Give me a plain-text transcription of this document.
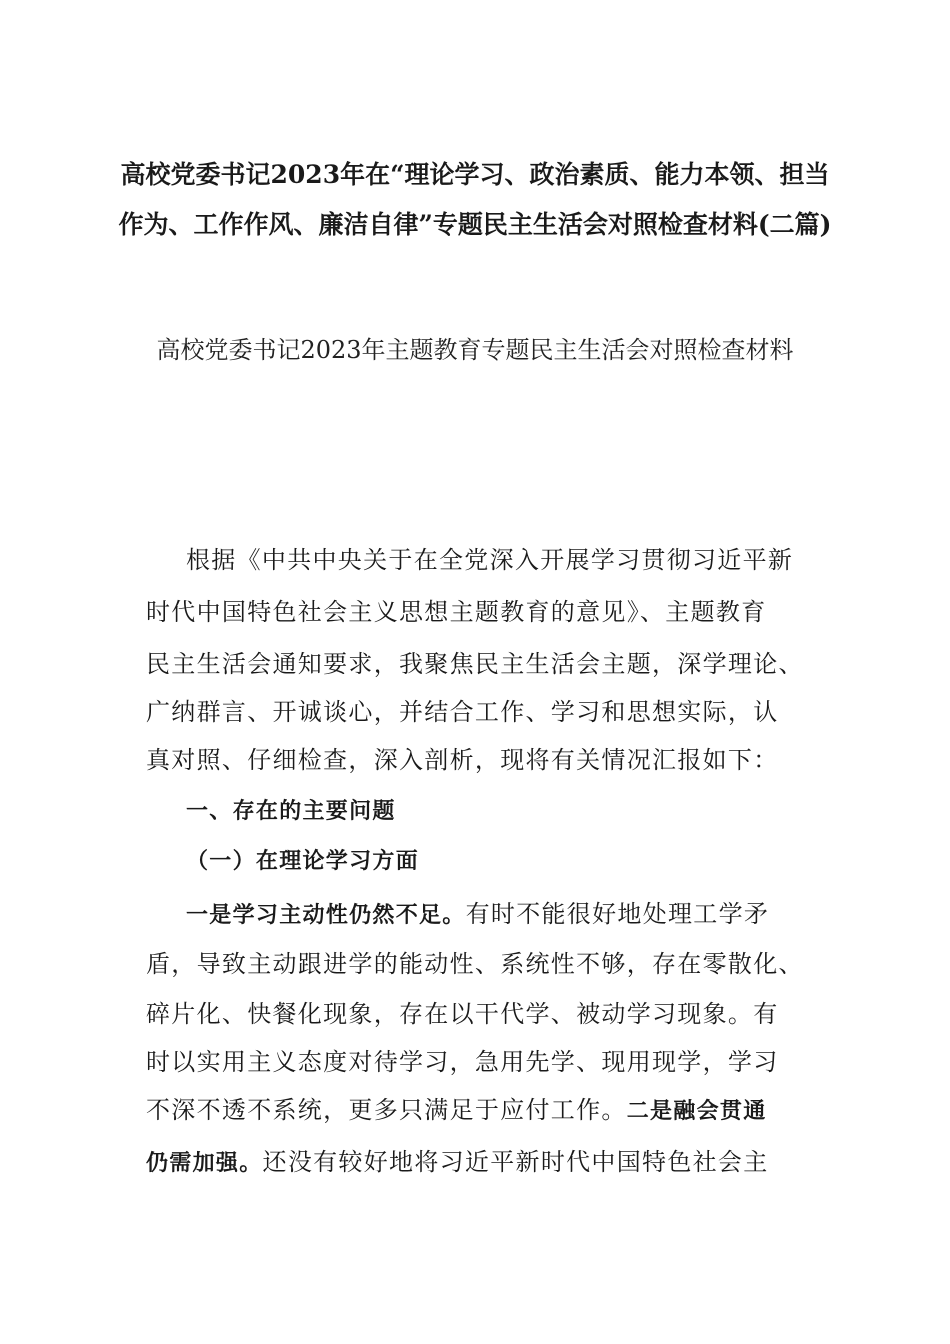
高校党委书记2023年在“理论学习、政治素质、能力本领、担当作为、工作作风、廉洁自律”专题民主生活会对照检查材料(二篇)

高校党委书记2023年主题教育专题民主生活会对照检查材料

根据《中共中央关于在全党深入开展学习贯彻习近平新

时代中国特色社会主义思想主题教育的意见》、主题教育

民主生活会通知要求，我聚焦民主生活会主题，深学理论、

广纳群言、开诚谈心，并结合工作、学习和思想实际，认

真对照、仔细检查，深入剖析，现将有关情况汇报如下：

一、存在的主要问题

（一）在理论学习方面

一是学习主动性仍然不足。有时不能很好地处理工学矛

盾，导致主动跟进学的能动性、系统性不够，存在零散化、

碎片化、快餐化现象，存在以干代学、被动学习现象。有

时以实用主义态度对待学习，急用先学、现用现学，学习

不深不透不系统，更多只满足于应付工作。二是融会贯通

仍需加强。还没有较好地将习近平新时代中国特色社会主
